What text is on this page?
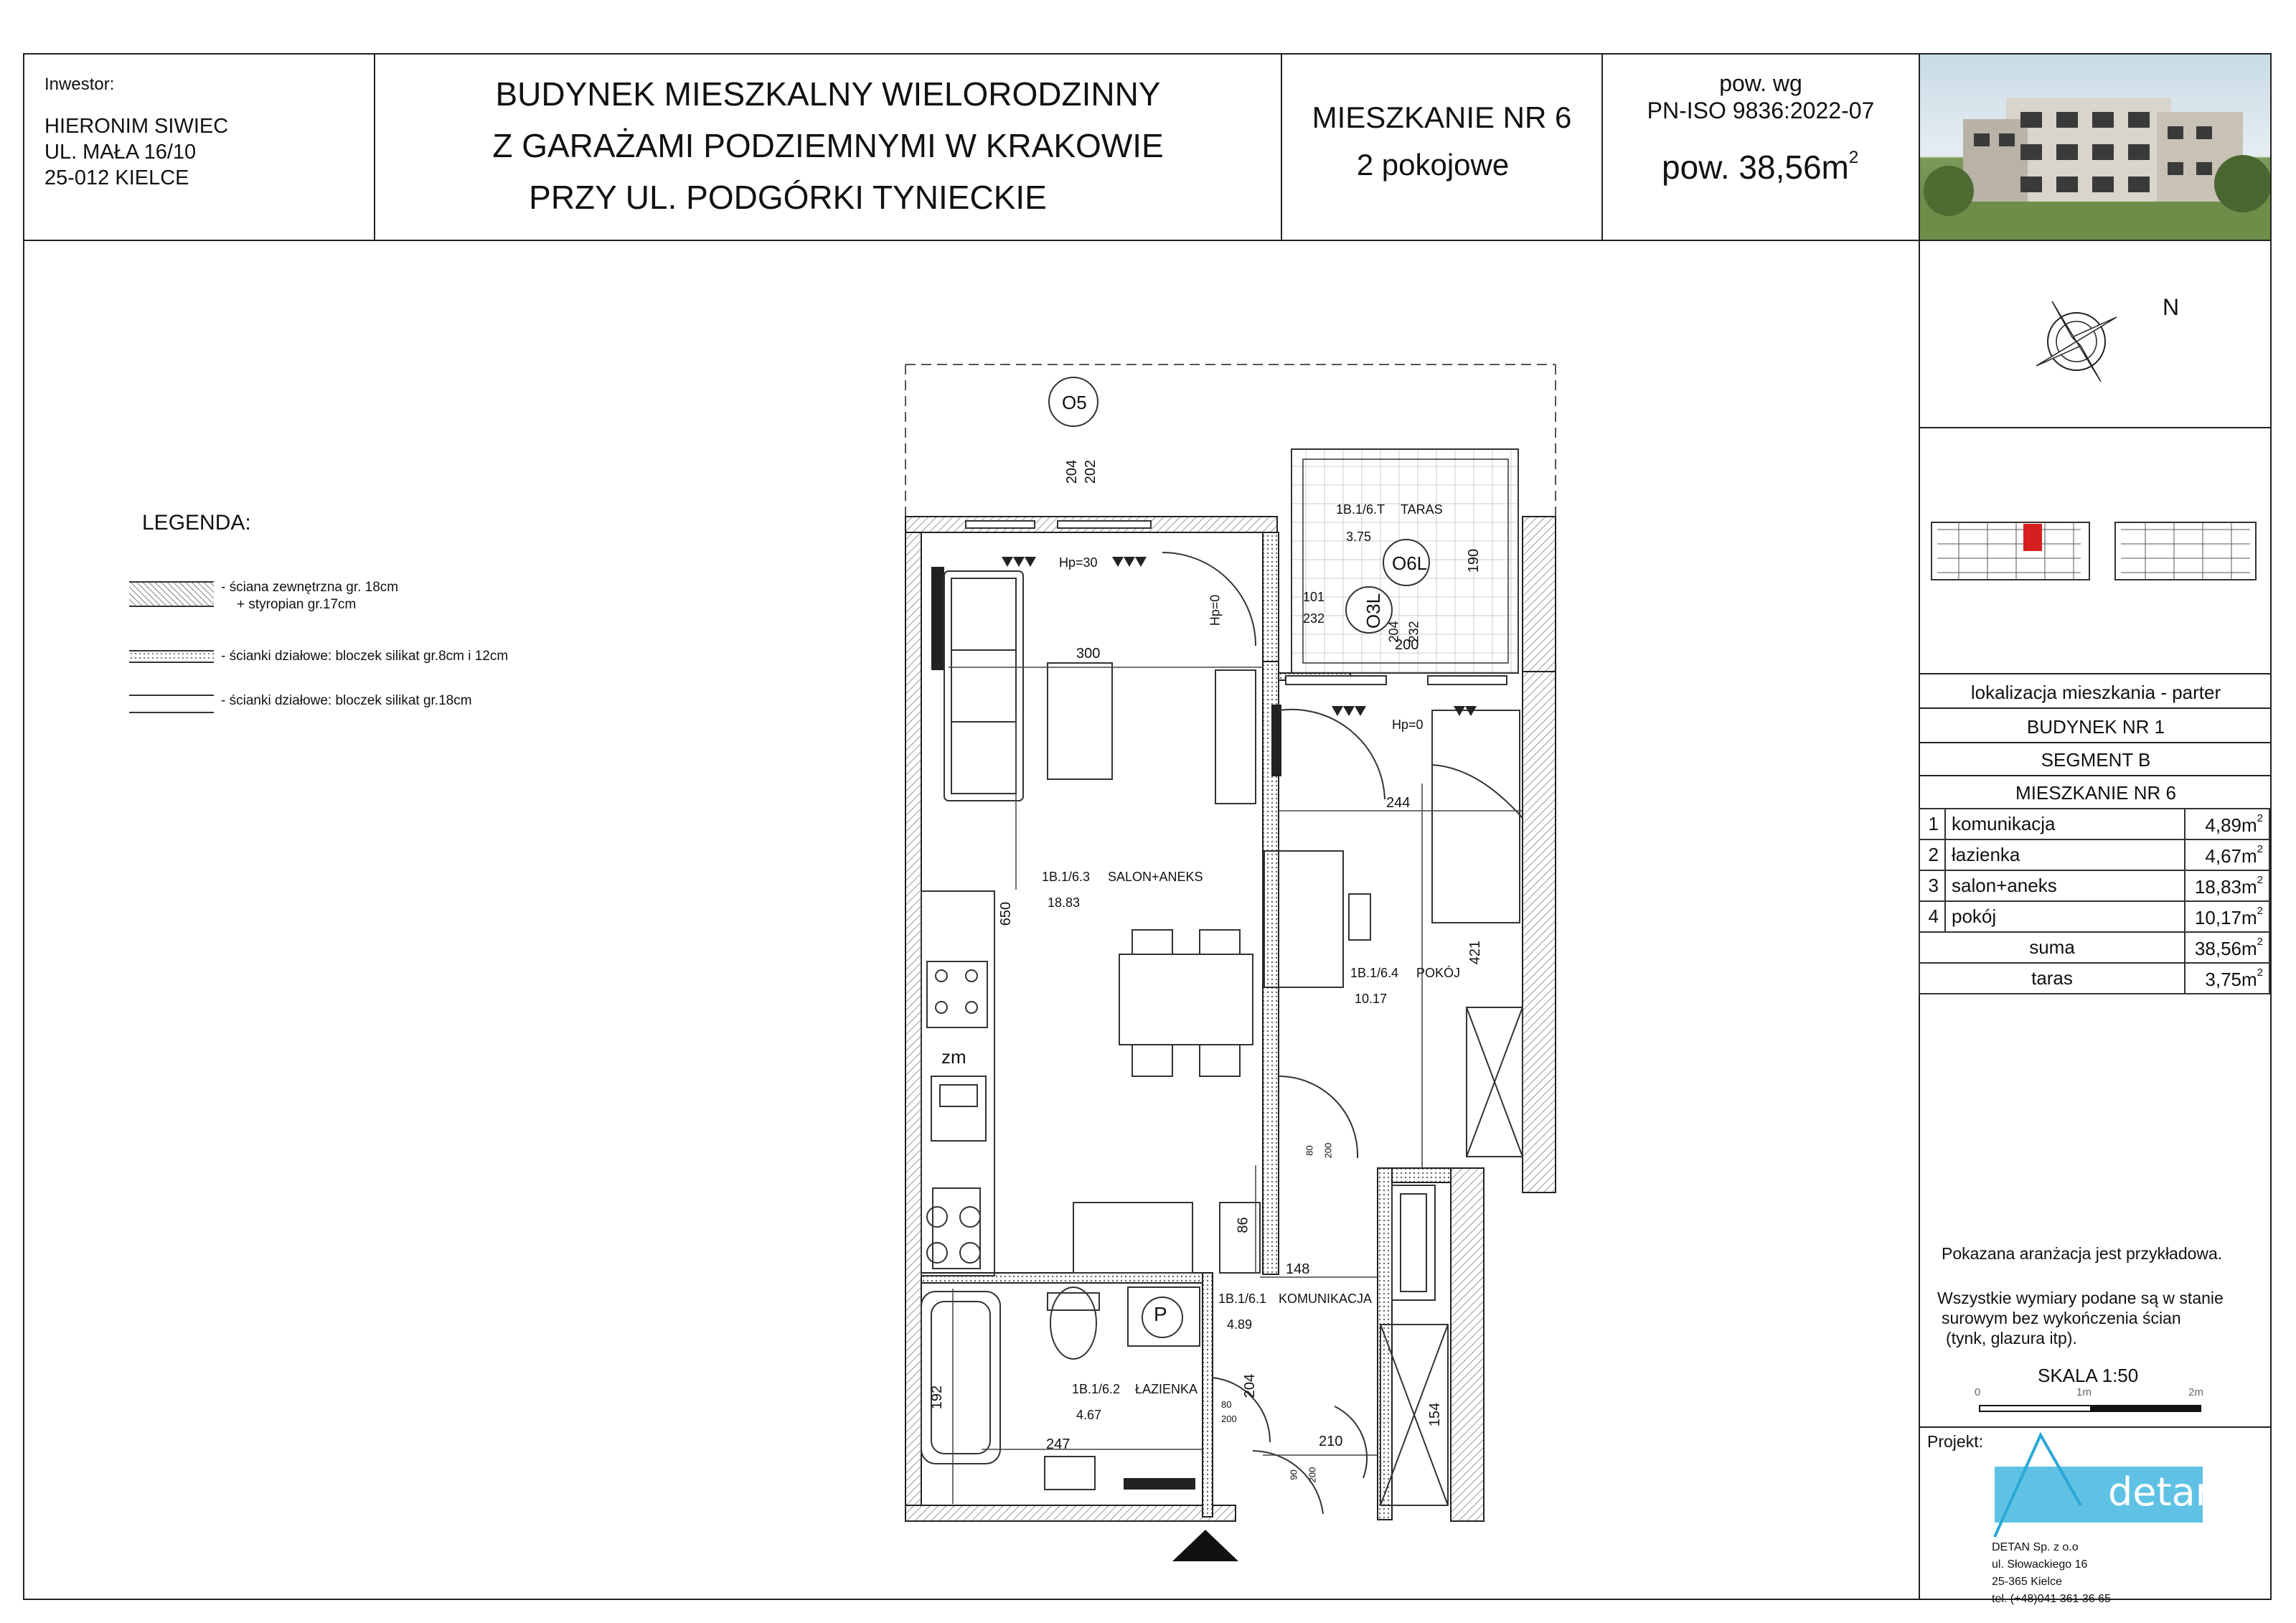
Inwestor:
HIERONIM SIWIEC
UL. MAŁA 16/10
25-012 KIELCE
BUDYNEK MIESZKALNY WIELORODZINNY
Z GARAŻAMI PODZIEMNYMI W KRAKOWIE
PRZY UL. PODGÓRKI TYNIECKIE
MIESZKANIE NR 6
2 pokojowe
pow. wg
PN-ISO 9836:2022-07
pow. $38,56m^2$
N
lokalizacja mieszkania - parter
BUDYNEK NR 1
SEGMENT B
MIESZKANIE NR 6
1	komunikacja	$4,89m^2$
2	łazienka	$4,67m^2$
3	salon+aneks	$18,83m^2$
4	pokój	$10,17m^2$
suma		$38,56m^2$
taras		$3,75m^2$
Pokazana aranżacja jest przykładowa.
Wszystkie wymiary podane są w stanie
surowym bez wykończenia ścian
(tynk, glazura itp).
SKALA 1:50
0	1m	2m
Projekt:
detan
DETAN Sp. z o.o
ul. Słowackiego 16
25-365 Kielce
tel. (+48)041 361 36 65
LEGENDA:
- ściana zewnętrzna gr. 18cm
+ styropian gr.17cm
- ścianki działowe: bloczek silikat gr.8cm i 12cm
- ścianki działowe: bloczek silikat gr.18cm
O5
O6L
O3L
204 202
1B.1/6.T TARAS
3.75
Hp=30
Hp=0
Hp=0
300
101
232
204 232
200
190
244
1B.1/6.3 SALON+ANEKS
18.83
650
1B.1/6.4 POKÓJ
10.17
421
zm
P
86
148
1B.1/6.1 KOMUNIKACJA
4.89
1B.1/6.2 ŁAZIENKA
4.67
204
192
247	210
154
80 200
80
200
90 200
